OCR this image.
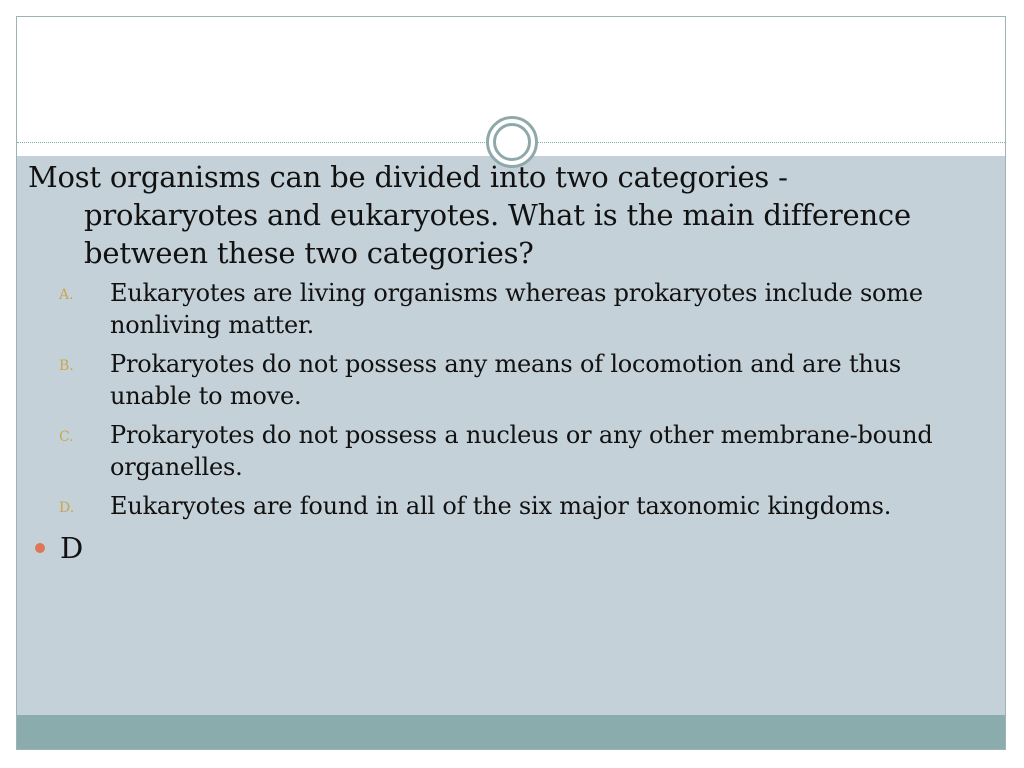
Most organisms can be divided into two categories - prokaryotes and eukaryotes. What is the main difference between these two categories?

A. Eukaryotes are living organisms whereas prokaryotes include some nonliving matter.
B. Prokaryotes do not possess any means of locomotion and are thus unable to move.
C. Prokaryotes do not possess a nucleus or any other membrane-bound organelles.
D. Eukaryotes are found in all of the six major taxonomic kingdoms.
D
